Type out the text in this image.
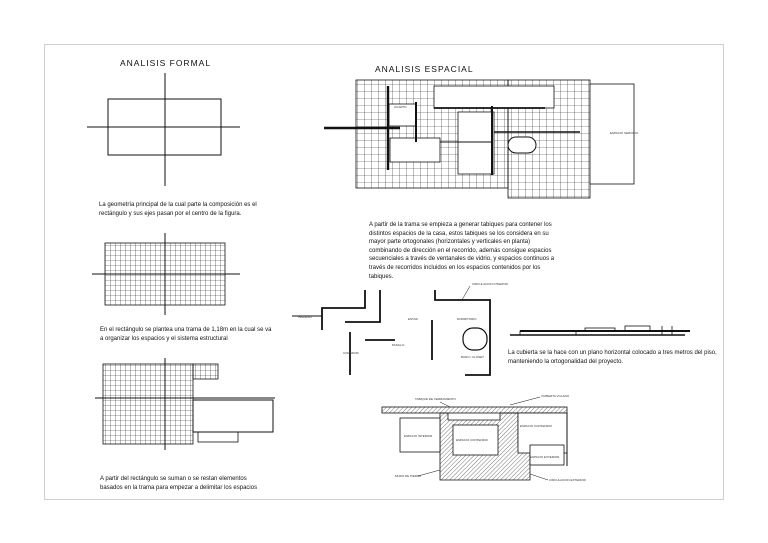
ANALISIS FORMAL
ANALISIS ESPACIAL
La geometría principal de la cual parte la composición es el
rectángulo y sus ejes pasan por el centro de la figura.
En el rectángulo se plantea una trama de 1,18m en la cual se va
a organizar los espacios y el sistema estructural
A partir del rectángulo se suman o se restan elementos
basados en la trama para empezar a delimitar los espacios
A partir de la trama se empieza a generar tabiques para contener los
distintos espacios de la casa, estos tabiques se los considera en su
mayor parte ortogonales (horizontales y verticales en planta)
combinando de dirección en el recorrido, además consigue espacios
secuenciales a través de ventanales de vidrio, y espacios continuos a
través de recorridos incluidos en los espacios contenidos por los
tabiques.
La cubierta se la hace con un plano horizontal colocado a tres metros del piso,
manteniendo la ortogonalidad del proyecto.
ESPACIO SERVICIO
CUARTO
INGRESO	ESTAR	DORMITORIO
PASILLO
COMEDOR
BANO / CLOSET
CIRCULACION INTERIOR
ESPACIO INTERIOR
ESPACIO CONTENIDO
ESPACIO CONTENIDO
ESPACIO EXTERIOR
TABIQUE DE CERRAMIENTO
CUBIERTA VOLADO
MURO DE PIEDRA
CIRCULACION EXTERIOR
